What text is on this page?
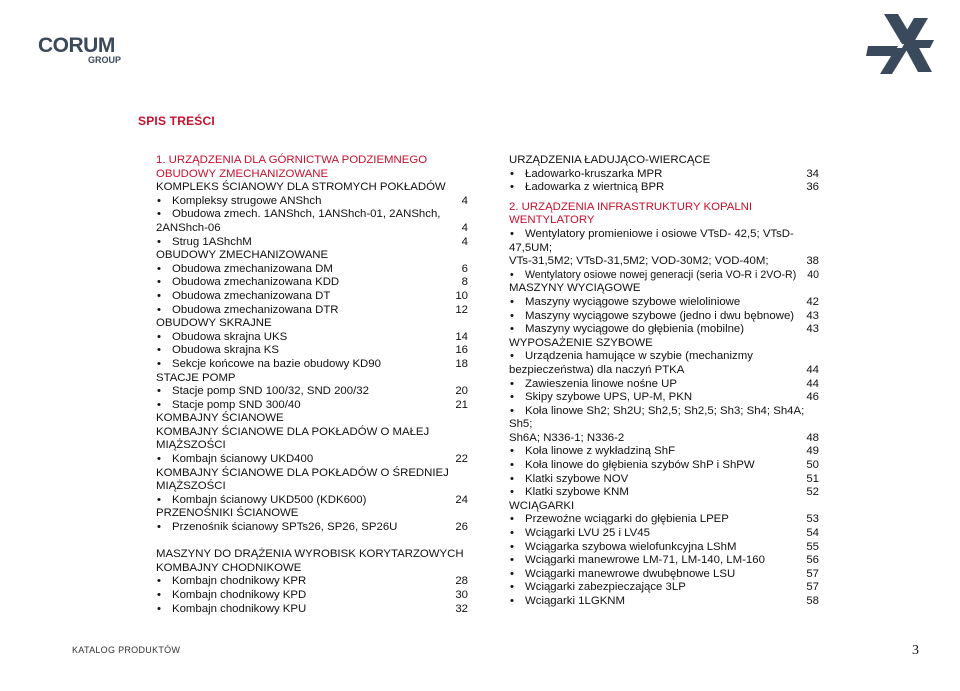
CORUM
GROUP
SPIS TREŚCI
1. URZĄDZENIA DLA GÓRNICTWA PODZIEMNEGO
OBUDOWY ZMECHANIZOWANE
KOMPLEKS ŚCIANOWY DLA STROMYCH POKŁADÓW
• Kompleksy strugowe ANShch	4
• Obudowa zmech. 1ANShch, 1ANShch-01, 2ANShch,
2ANShch-06	4
• Strug 1AShchM	4
OBUDOWY ZMECHANIZOWANE
• Obudowa zmechanizowana DM	6
• Obudowa zmechanizowana KDD	8
• Obudowa zmechanizowana DT	10
• Obudowa zmechanizowana DTR	12
OBUDOWY SKRAJNE
• Obudowa skrajna UKS	14
• Obudowa skrajna KS	16
• Sekcje końcowe na bazie obudowy KD90	18
STACJE POMP
• Stacje pomp SND 100/32, SND 200/32	20
• Stacje pomp SND 300/40	21
KOMBAJNY ŚCIANOWE
KOMBAJNY ŚCIANOWE DLA POKŁADÓW O MAŁEJ
MIĄŻSZOŚCI
• Kombajn ścianowy UKD400	22
KOMBAJNY ŚCIANOWE DLA POKŁADÓW O ŚREDNIEJ
MIĄŻSZOŚCI
• Kombajn ścianowy UKD500 (KDK600)	24
PRZENOŚNIKI ŚCIANOWE
• Przenośnik ścianowy SPTs26, SP26, SP26U	26
MASZYNY DO DRĄŻENIA WYROBISK KORYTARZOWYCH
KOMBAJNY CHODNIKOWE
• Kombajn chodnikowy KPR	28
• Kombajn chodnikowy KPD	30
• Kombajn chodnikowy KPU	32
URZĄDZENIA ŁADUJĄCO-WIERCĄCE
• Ładowarko-kruszarka MPR	34
• Ładowarka z wiertnicą BPR	36
2. URZĄDZENIA INFRASTRUKTURY KOPALNI
WENTYLATORY
• Wentylatory promieniowe i osiowe VTsD- 42,5; VTsD-
47,5UM;
VTs-31,5M2; VTsD-31,5M2; VOD-30M2; VOD-40M;	38
• Wentylatory osiowe nowej generacji (seria VO-R i 2VO-R) 40
MASZYNY WYCIĄGOWE
• Maszyny wyciągowe szybowe wieloliniowe	42
• Maszyny wyciągowe szybowe (jedno i dwu bębnowe) 43
• Maszyny wyciągowe do głębienia (mobilne)	43
WYPOSAŻENIE SZYBOWE
• Urządzenia hamujące w szybie (mechanizmy
bezpieczeństwa) dla naczyń PTKA	44
• Zawieszenia linowe nośne UP	44
• Skipy szybowe UPS, UP-M, PKN	46
• Koła linowe Sh2; Sh2U; Sh2,5; Sh2,5; Sh3; Sh4; Sh4A;
Sh5;
Sh6A; N336-1; N336-2	48
• Koła linowe z wykładziną ShF	49
• Koła linowe do głębienia szybów ShP i ShPW	50
• Klatki szybowe NOV	51
• Klatki szybowe KNM	52
WCIĄGARKI
• Przewoźne wciągarki do głębienia LPEP	53
• Wciągarki LVU 25 i LV45	54
• Wciągarka szybowa wielofunkcyjna LShM	55
• Wciągarki manewrowe LM-71, LM-140, LM-160	56
• Wciągarki manewrowe dwubębnowe LSU	57
• Wciągarki zabezpieczające 3LP	57
• Wciągarki 1LGKNM	58
KATALOG PRODUKTÓW	3
